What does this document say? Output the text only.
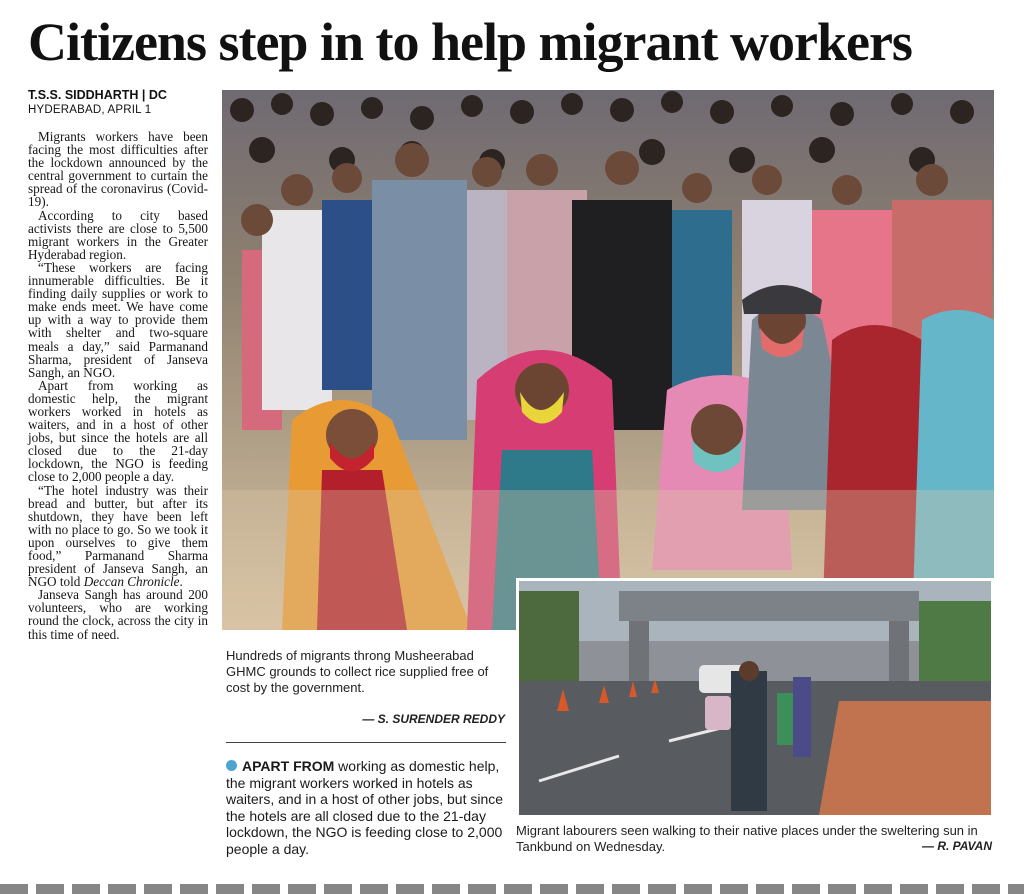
Citizens step in to help migrant workers
T.S.S. SIDDHARTH | DC
HYDERABAD, APRIL 1

Migrants workers have been facing the most difficulties after the lockdown announced by the central government to curtain the spread of the coronavirus (Covid-19).

According to city based activists there are close to 5,500 migrant workers in the Greater Hyderabad region.

“These workers are facing innumerable difficulties. Be it finding daily supplies or work to make ends meet. We have come up with a way to provide them with shelter and two-square meals a day,” said Parmanand Sharma, president of Janseva Sangh, an NGO.

Apart from working as domestic help, the migrant workers worked in hotels as waiters, and in a host of other jobs, but since the hotels are all closed due to the 21-day lockdown, the NGO is feeding close to 2,000 people a day.

“The hotel industry was their bread and butter, but after its shutdown, they have been left with no place to go. So we took it upon ourselves to give them food,” Parmanand Sharma president of Janseva Sangh, an NGO told Deccan Chronicle.

Janseva Sangh has around 200 volunteers, who are working round the clock, across the city in this time of need.

Hundreds of migrants throng Musheerabad GHMC grounds to collect rice supplied free of cost by the government.
— S. SURENDER REDDY
APART FROM working as domestic help, the migrant workers worked in hotels as waiters, and in a host of other jobs, but since the hotels are all closed due to the 21-day lockdown, the NGO is feeding close to 2,000 people a day.
Migrant labourers seen walking to their native places under the sweltering sun in Tankbund on Wednesday.	— R. PAVAN
